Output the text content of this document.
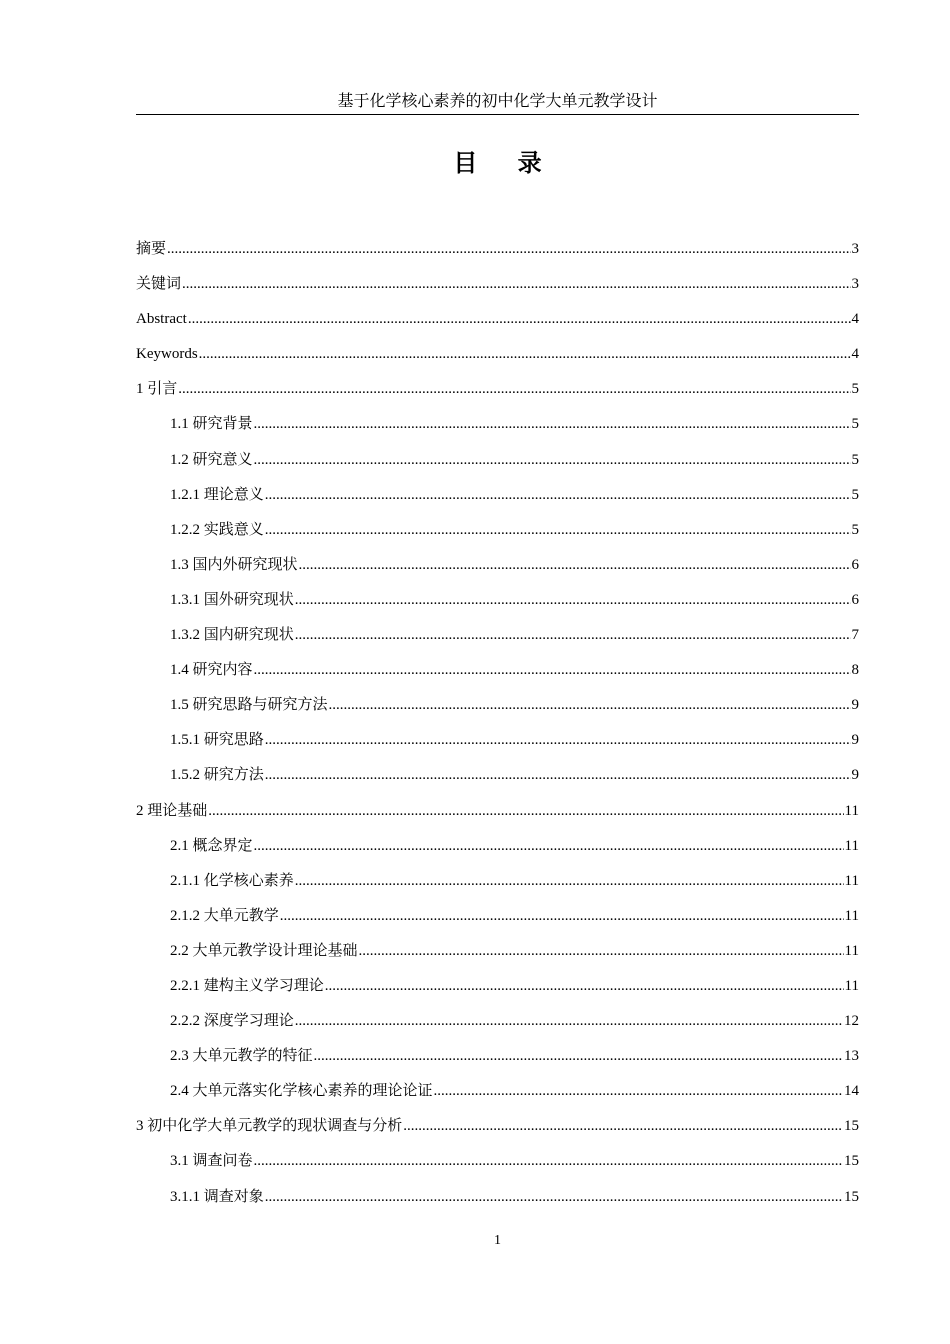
基于化学核心素养的初中化学大单元教学设计
目 录
摘要 .....	3
关键词 .....	3
Abstract .....	4
Keywords .....	4
1 引言 .....	5
1.1 研究背景 .....	5
1.2 研究意义 .....	5
1.2.1 理论意义 .....	5
1.2.2 实践意义 .....	5
1.3 国内外研究现状 .....	6
1.3.1 国外研究现状 .....	6
1.3.2 国内研究现状 .....	7
1.4 研究内容 .....	8
1.5 研究思路与研究方法 .....	9
1.5.1 研究思路 .....	9
1.5.2 研究方法 .....	9
2 理论基础 .....	11
2.1 概念界定 .....	11
2.1.1 化学核心素养 .....	11
2.1.2 大单元教学 .....	11
2.2 大单元教学设计理论基础 .....	11
2.2.1 建构主义学习理论 .....	11
2.2.2 深度学习理论 .....	12
2.3 大单元教学的特征 .....	13
2.4 大单元落实化学核心素养的理论论证 .....	14
3 初中化学大单元教学的现状调查与分析 .....	15
3.1 调查问卷 .....	15
3.1.1 调查对象 .....	15
1
